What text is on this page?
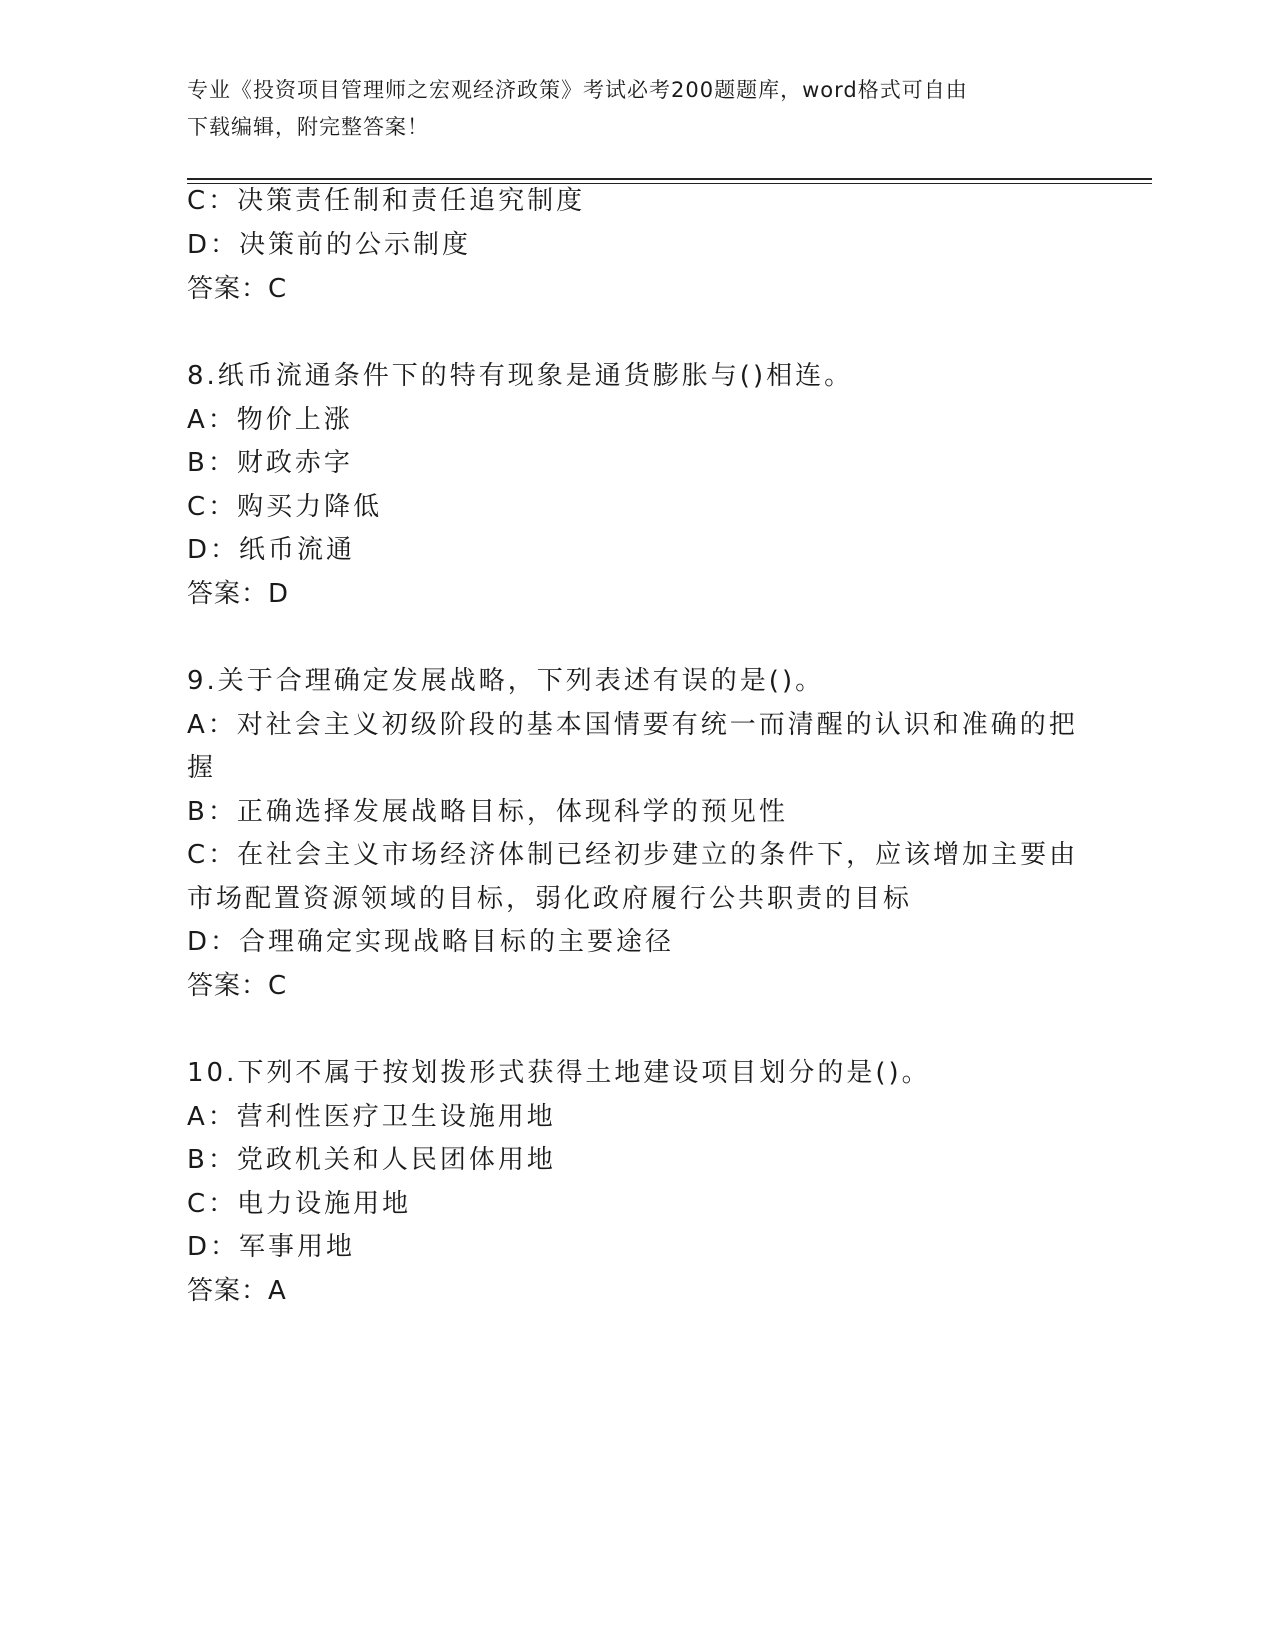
专业《投资项目管理师之宏观经济政策》考试必考200题题库，word格式可自由
下载编辑，附完整答案！
C：决策责任制和责任追究制度
D：决策前的公示制度
答案：C
8.纸币流通条件下的特有现象是通货膨胀与()相连。
A：物价上涨
B：财政赤字
C：购买力降低
D：纸币流通
答案：D
9.关于合理确定发展战略，下列表述有误的是()。
A：对社会主义初级阶段的基本国情要有统一而清醒的认识和准确的把
握
B：正确选择发展战略目标，体现科学的预见性
C：在社会主义市场经济体制已经初步建立的条件下，应该增加主要由
市场配置资源领域的目标，弱化政府履行公共职责的目标
D：合理确定实现战略目标的主要途径
答案：C
10.下列不属于按划拨形式获得土地建设项目划分的是()。
A：营利性医疗卫生设施用地
B：党政机关和人民团体用地
C：电力设施用地
D：军事用地
答案：A
